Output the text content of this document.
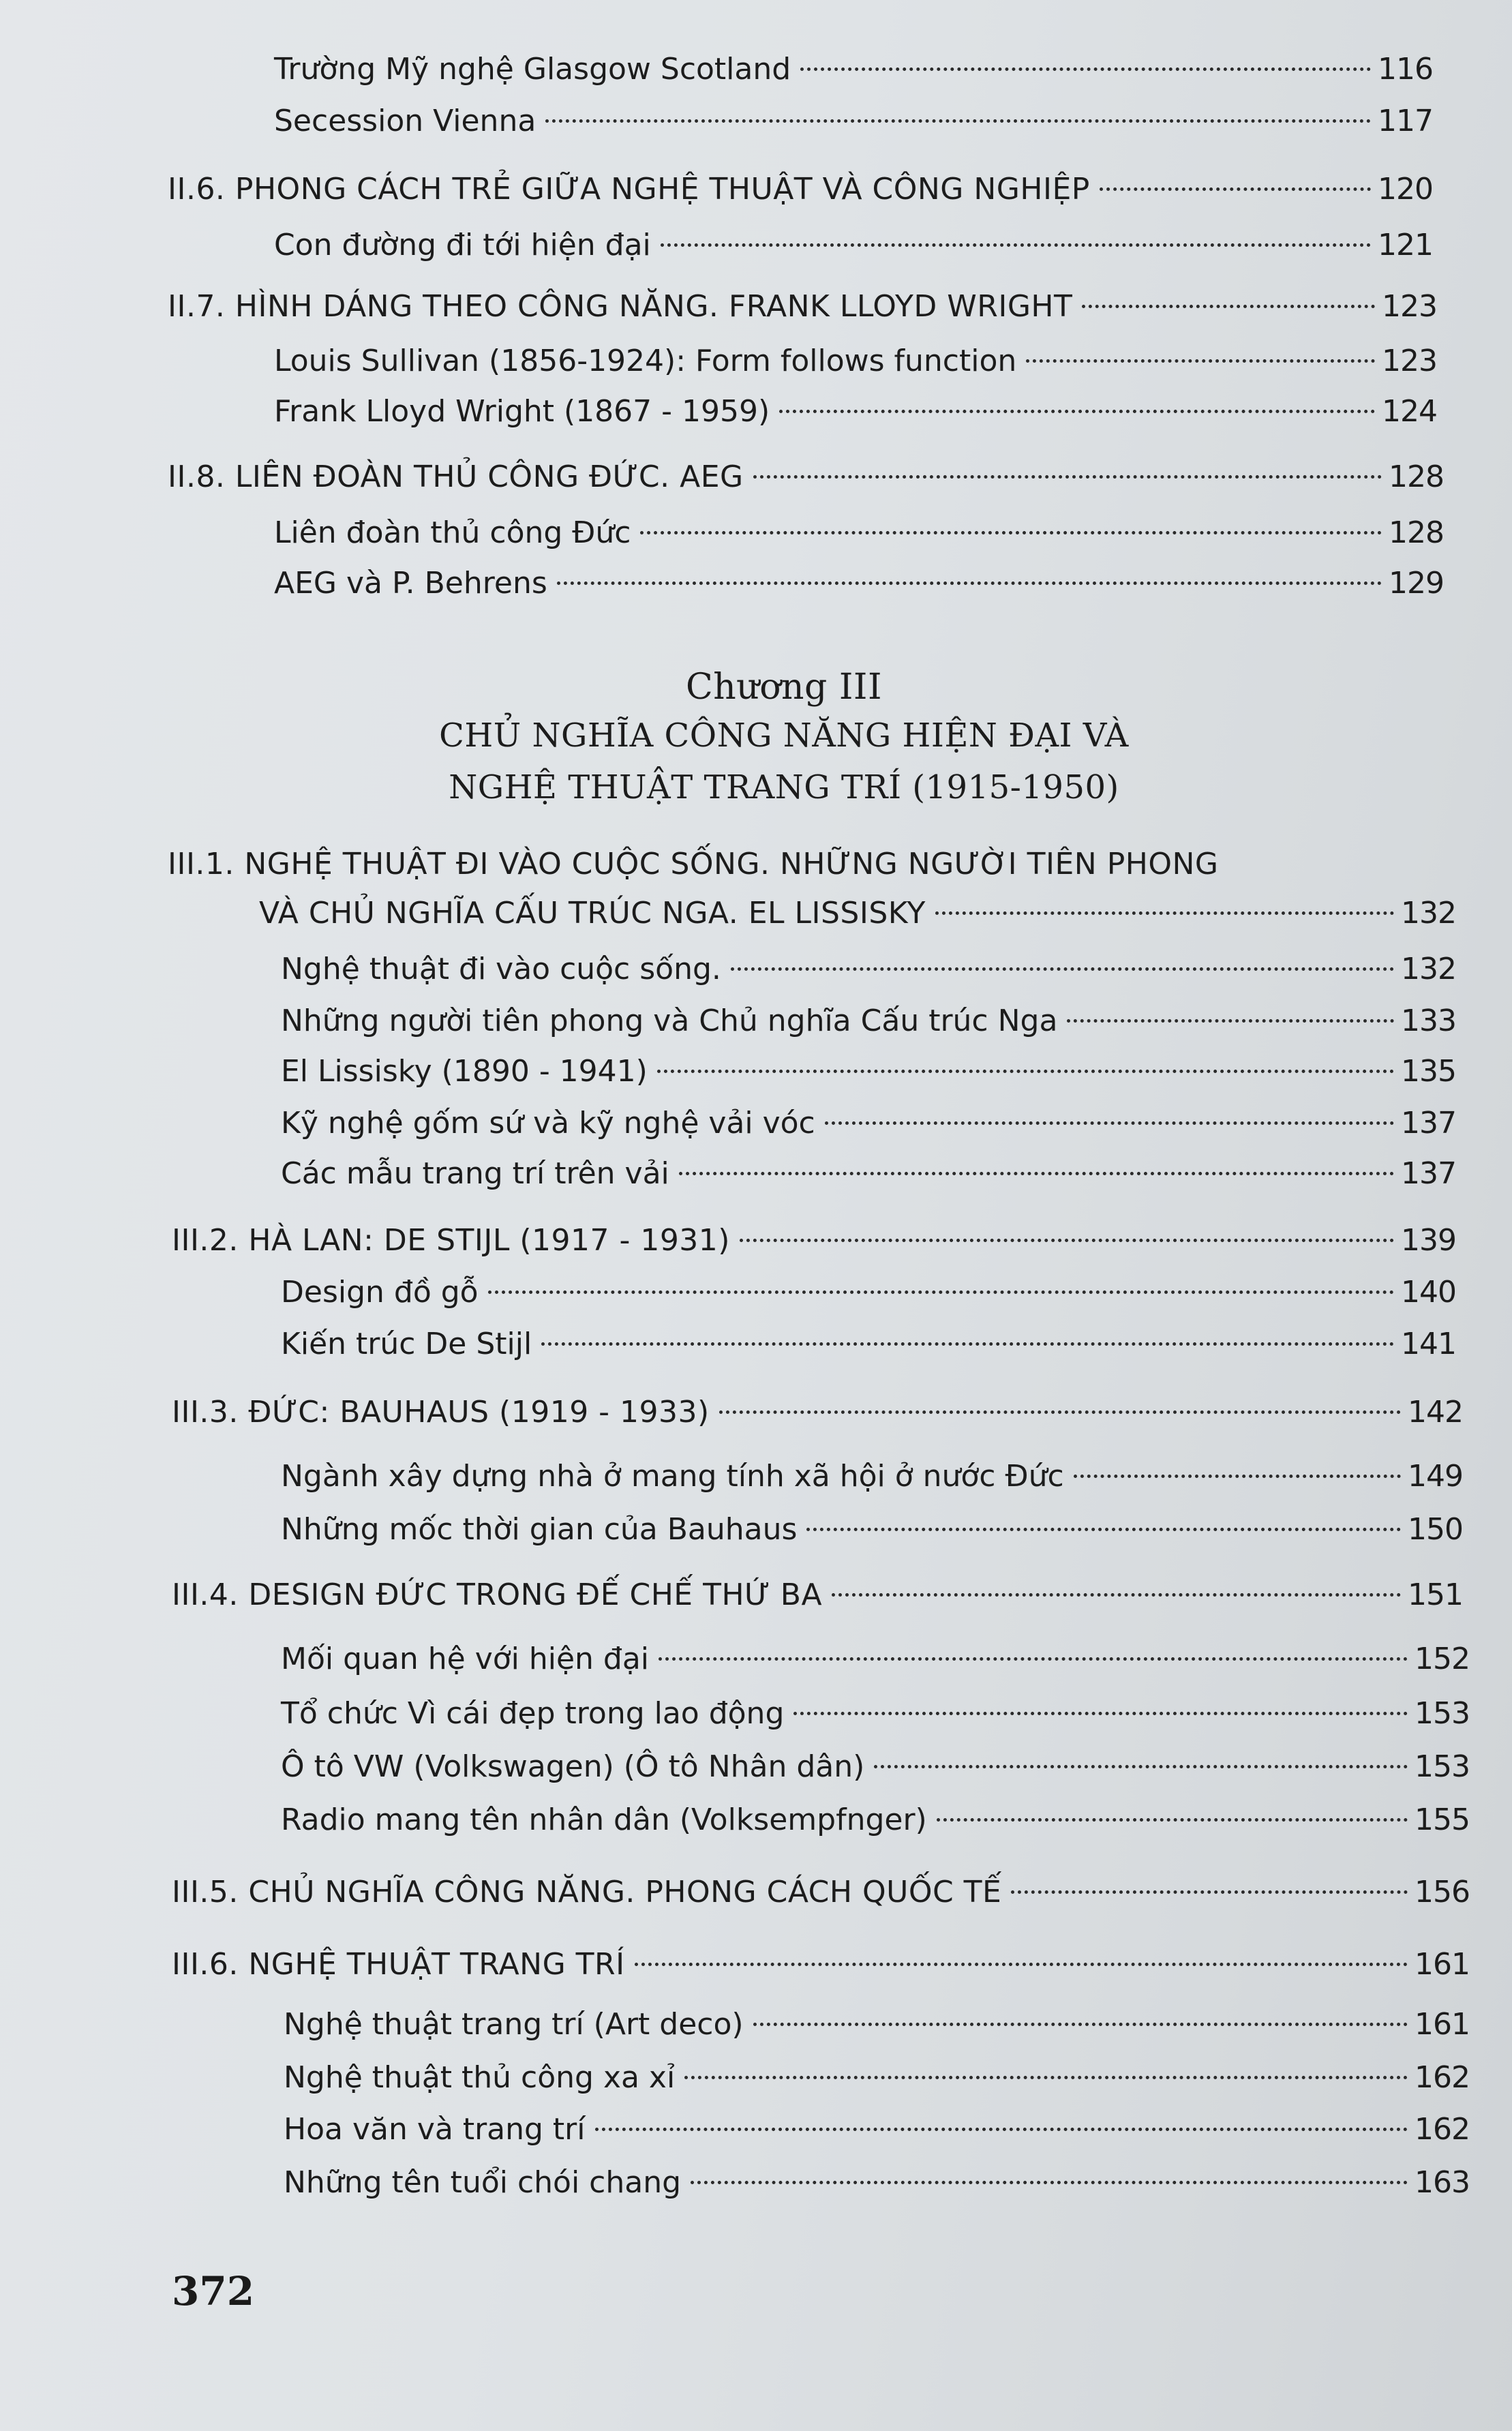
Trường Mỹ nghệ Glasgow Scotland	116
Secession Vienna	117
II.6. PHONG CÁCH TRẺ GIỮA NGHỆ THUẬT VÀ CÔNG NGHIỆP	120
Con đường đi tới hiện đại	121
II.7. HÌNH DÁNG THEO CÔNG NĂNG. FRANK LLOYD WRIGHT	123
Louis Sullivan (1856-1924): Form follows function	123
Frank Lloyd Wright (1867 - 1959)	124
II.8. LIÊN ĐOÀN THỦ CÔNG ĐỨC. AEG	128
Liên đoàn thủ công Đức	128
AEG và P. Behrens	129
Chương III
CHỦ NGHĨA CÔNG NĂNG HIỆN ĐẠI VÀ
NGHỆ THUẬT TRANG TRÍ (1915-1950)
III.1. NGHỆ THUẬT ĐI VÀO CUỘC SỐNG. NHỮNG NGƯỜI TIÊN PHONG
VÀ CHỦ NGHĨA CẤU TRÚC NGA. EL LISSISKY	132
Nghệ thuật đi vào cuộc sống.	132
Những người tiên phong và Chủ nghĩa Cấu trúc Nga	133
El Lissisky (1890 - 1941)	135
Kỹ nghệ gốm sứ và kỹ nghệ vải vóc	137
Các mẫu trang trí trên vải	137
III.2. HÀ LAN: DE STIJL (1917 - 1931)	139
Design đồ gỗ	140
Kiến trúc De Stijl	141
III.3. ĐỨC: BAUHAUS (1919 - 1933)	142
Ngành xây dựng nhà ở mang tính xã hội ở nước Đức	149
Những mốc thời gian của Bauhaus	150
III.4. DESIGN ĐỨC TRONG ĐẾ CHẾ THỨ BA	151
Mối quan hệ với hiện đại	152
Tổ chức Vì cái đẹp trong lao động	153
Ô tô VW (Volkswagen) (Ô tô Nhân dân)	153
Radio mang tên nhân dân (Volksempfnger)	155
III.5. CHỦ NGHĨA CÔNG NĂNG. PHONG CÁCH QUỐC TẾ	156
III.6. NGHỆ THUẬT TRANG TRÍ	161
Nghệ thuật trang trí (Art deco)	161
Nghệ thuật thủ công xa xỉ	162
Hoa văn và trang trí	162
Những tên tuổi chói chang	163
372
